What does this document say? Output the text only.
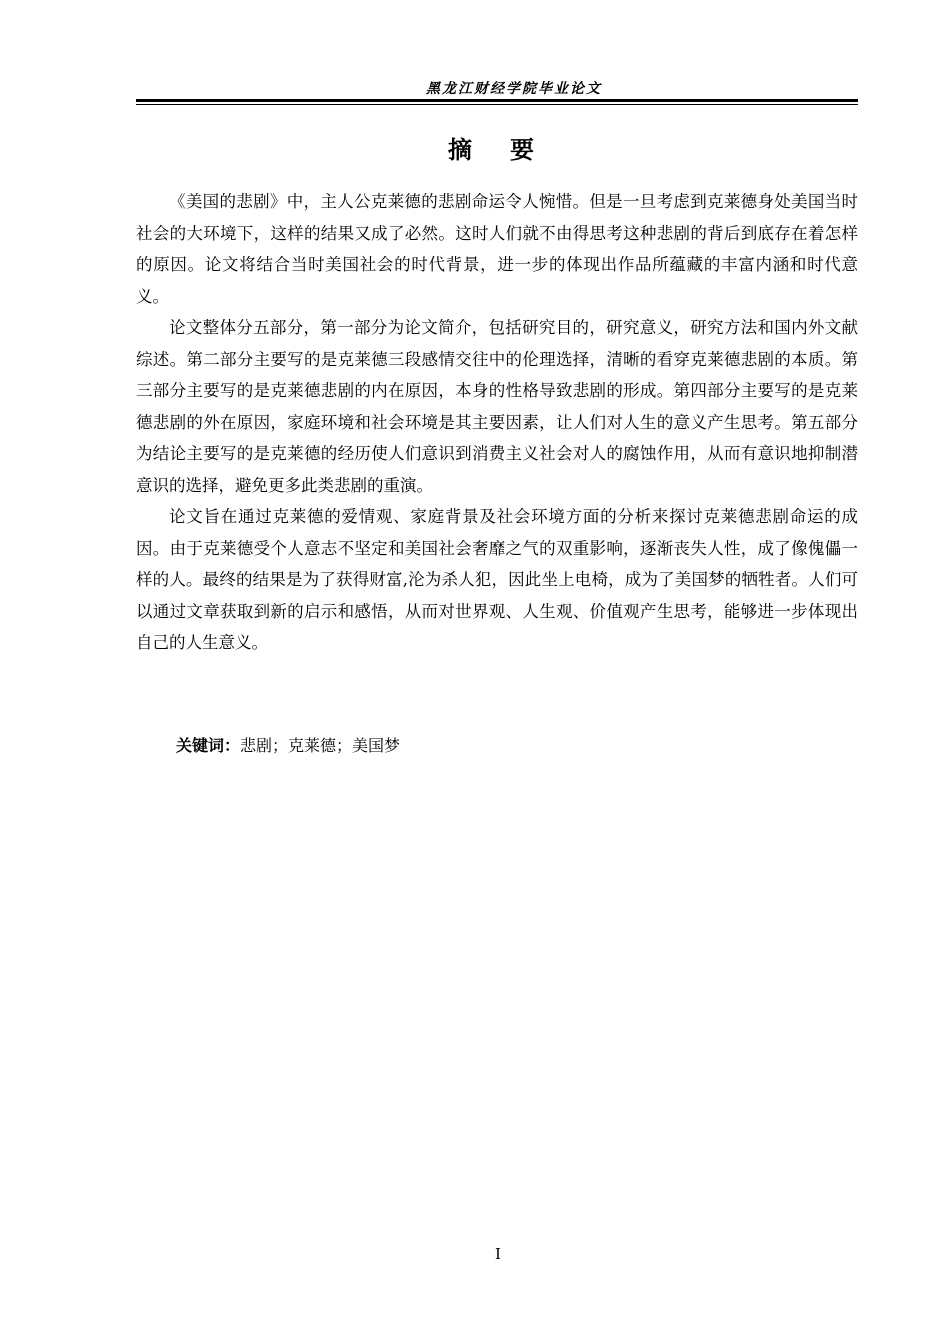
黑龙江财经学院毕业论文
摘要

《美国的悲剧》中，主人公克莱德的悲剧命运令人惋惜。但是一旦考虑到克莱德身处美国当时社会的大环境下，这样的结果又成了必然。这时人们就不由得思考这种悲剧的背后到底存在着怎样的原因。论文将结合当时美国社会的时代背景，进一步的体现出作品所蕴藏的丰富内涵和时代意义。

论文整体分五部分，第一部分为论文简介，包括研究目的，研究意义，研究方法和国内外文献综述。第二部分主要写的是克莱德三段感情交往中的伦理选择，清晰的看穿克莱德悲剧的本质。第三部分主要写的是克莱德悲剧的内在原因，本身的性格导致悲剧的形成。第四部分主要写的是克莱德悲剧的外在原因，家庭环境和社会环境是其主要因素，让人们对人生的意义产生思考。第五部分为结论主要写的是克莱德的经历使人们意识到消费主义社会对人的腐蚀作用，从而有意识地抑制潜意识的选择，避免更多此类悲剧的重演。

论文旨在通过克莱德的爱情观、家庭背景及社会环境方面的分析来探讨克莱德悲剧命运的成因。由于克莱德受个人意志不坚定和美国社会奢靡之气的双重影响，逐渐丧失人性，成了像傀儡一样的人。最终的结果是为了获得财富,沦为杀人犯，因此坐上电椅，成为了美国梦的牺牲者。人们可以通过文章获取到新的启示和感悟，从而对世界观、人生观、价值观产生思考，能够进一步体现出自己的人生意义。

关键词：悲剧；克莱德；美国梦
I
